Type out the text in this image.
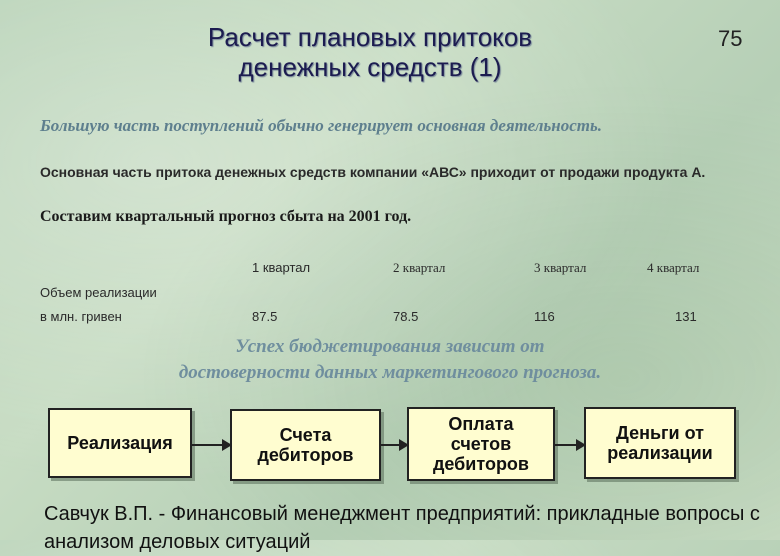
Расчет плановых притоков
денежных средств (1)
75
Большую часть поступлений обычно генерирует основная деятельность.
Основная часть притока денежных средств компании «АВС» приходит от продажи продукта А.
Составим квартальный прогноз сбыта на 2001 год.
1 квартал	2 квартал	3 квартал	4 квартал
Объем реализации
в млн. гривен	87.5	78.5	116	131
Успех бюджетирования зависит от
достоверности данных маркетингового прогноза.
Реализация	Счета
дебиторов
Оплата
счетов
дебиторов
Деньги от
реализации
Савчук В.П. - Финансовый менеджмент предприятий: прикладные вопросы с анализом деловых ситуаций
